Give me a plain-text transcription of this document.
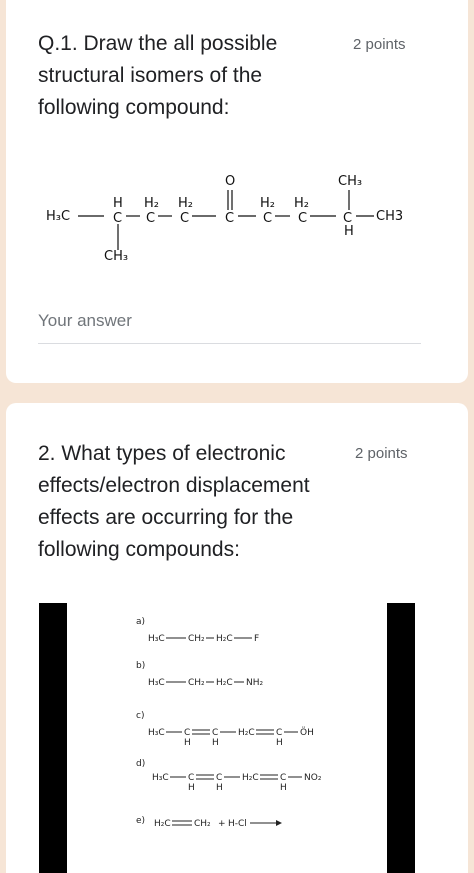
Q.1. Draw the all possible
structural isomers of the
following compound:
2 points
H₃C
H
C
CH₃
H₂
C
H₂
C
O
C
H₂
C
H₂
C
CH₃
C
H
CH3
Your answer
2. What types of electronic
effects/electron displacement
effects are occurring for the
following compounds:
2 points
a)
H₃C	CH₂ H₂C F
b)
H₃C	CH₂ H₂C NH₂
c)
H₃C C
H
C
H
H₂C C
H
ÖH
d)
H₃C C
H
C
H
H₂C C
H
NO₂
e) H₂C	CH₂ + H-Cl
